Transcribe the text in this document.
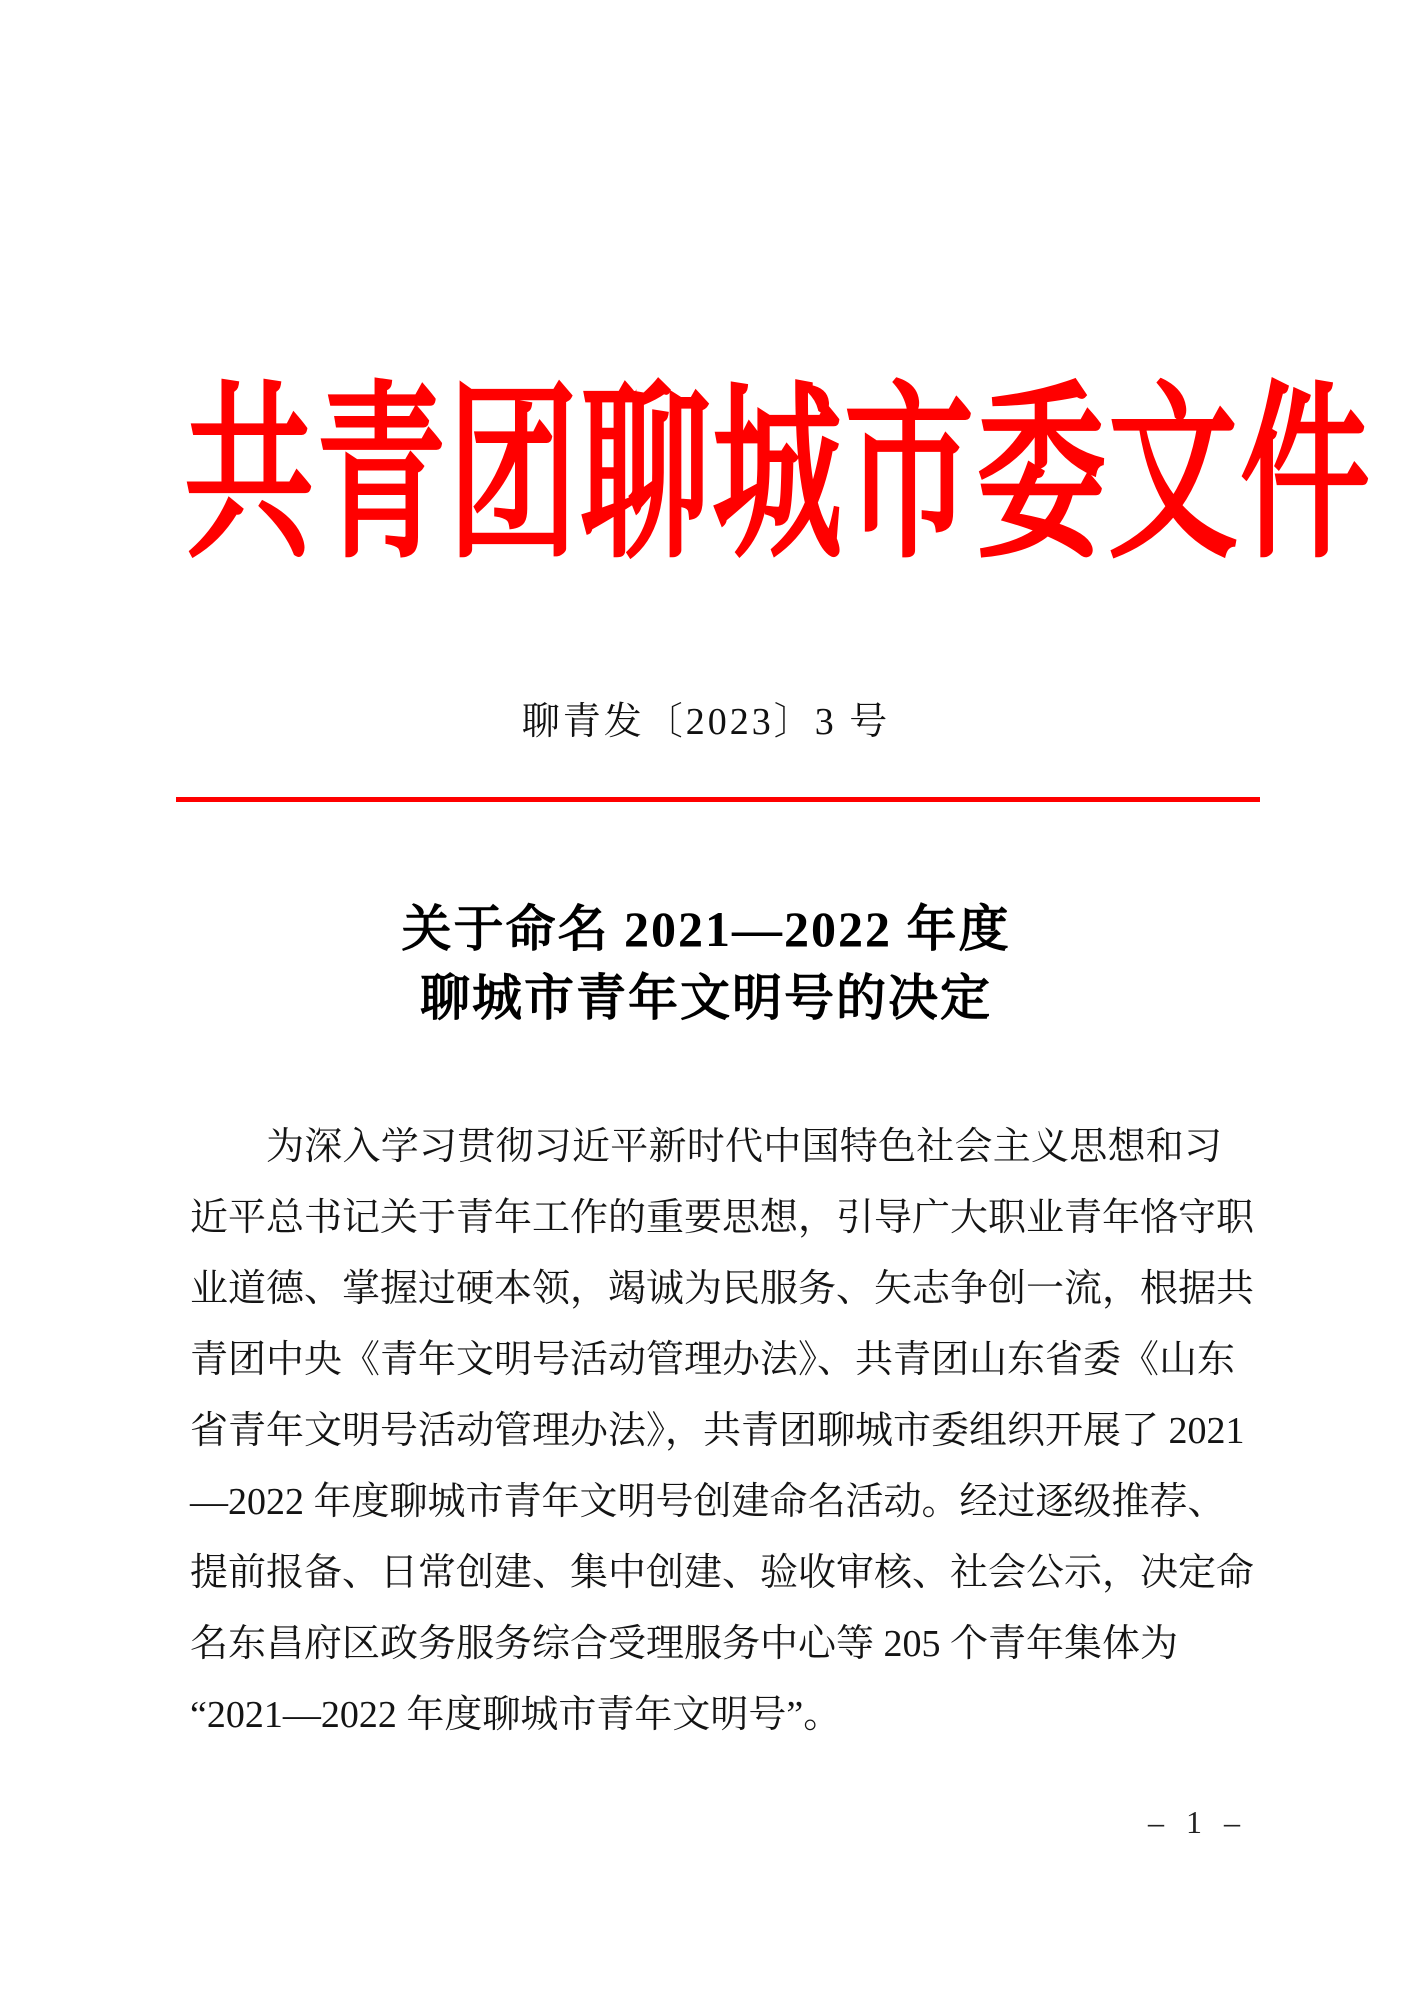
共青团聊城市委文件
聊青发〔2023〕3 号
关于命名 2021—2022 年度
聊城市青年文明号的决定
为深入学习贯彻习近平新时代中国特色社会主义思想和习
近平总书记关于青年工作的重要思想，引导广大职业青年恪守职
业道德、掌握过硬本领，竭诚为民服务、矢志争创一流，根据共
青团中央《青年文明号活动管理办法》、共青团山东省委《山东
省青年文明号活动管理办法》，共青团聊城市委组织开展了 2021
—2022 年度聊城市青年文明号创建命名活动。经过逐级推荐、
提前报备、日常创建、集中创建、验收审核、社会公示，决定命
名东昌府区政务服务综合受理服务中心等 205 个青年集体为
“2021—2022 年度聊城市青年文明号”。
– 1 –
